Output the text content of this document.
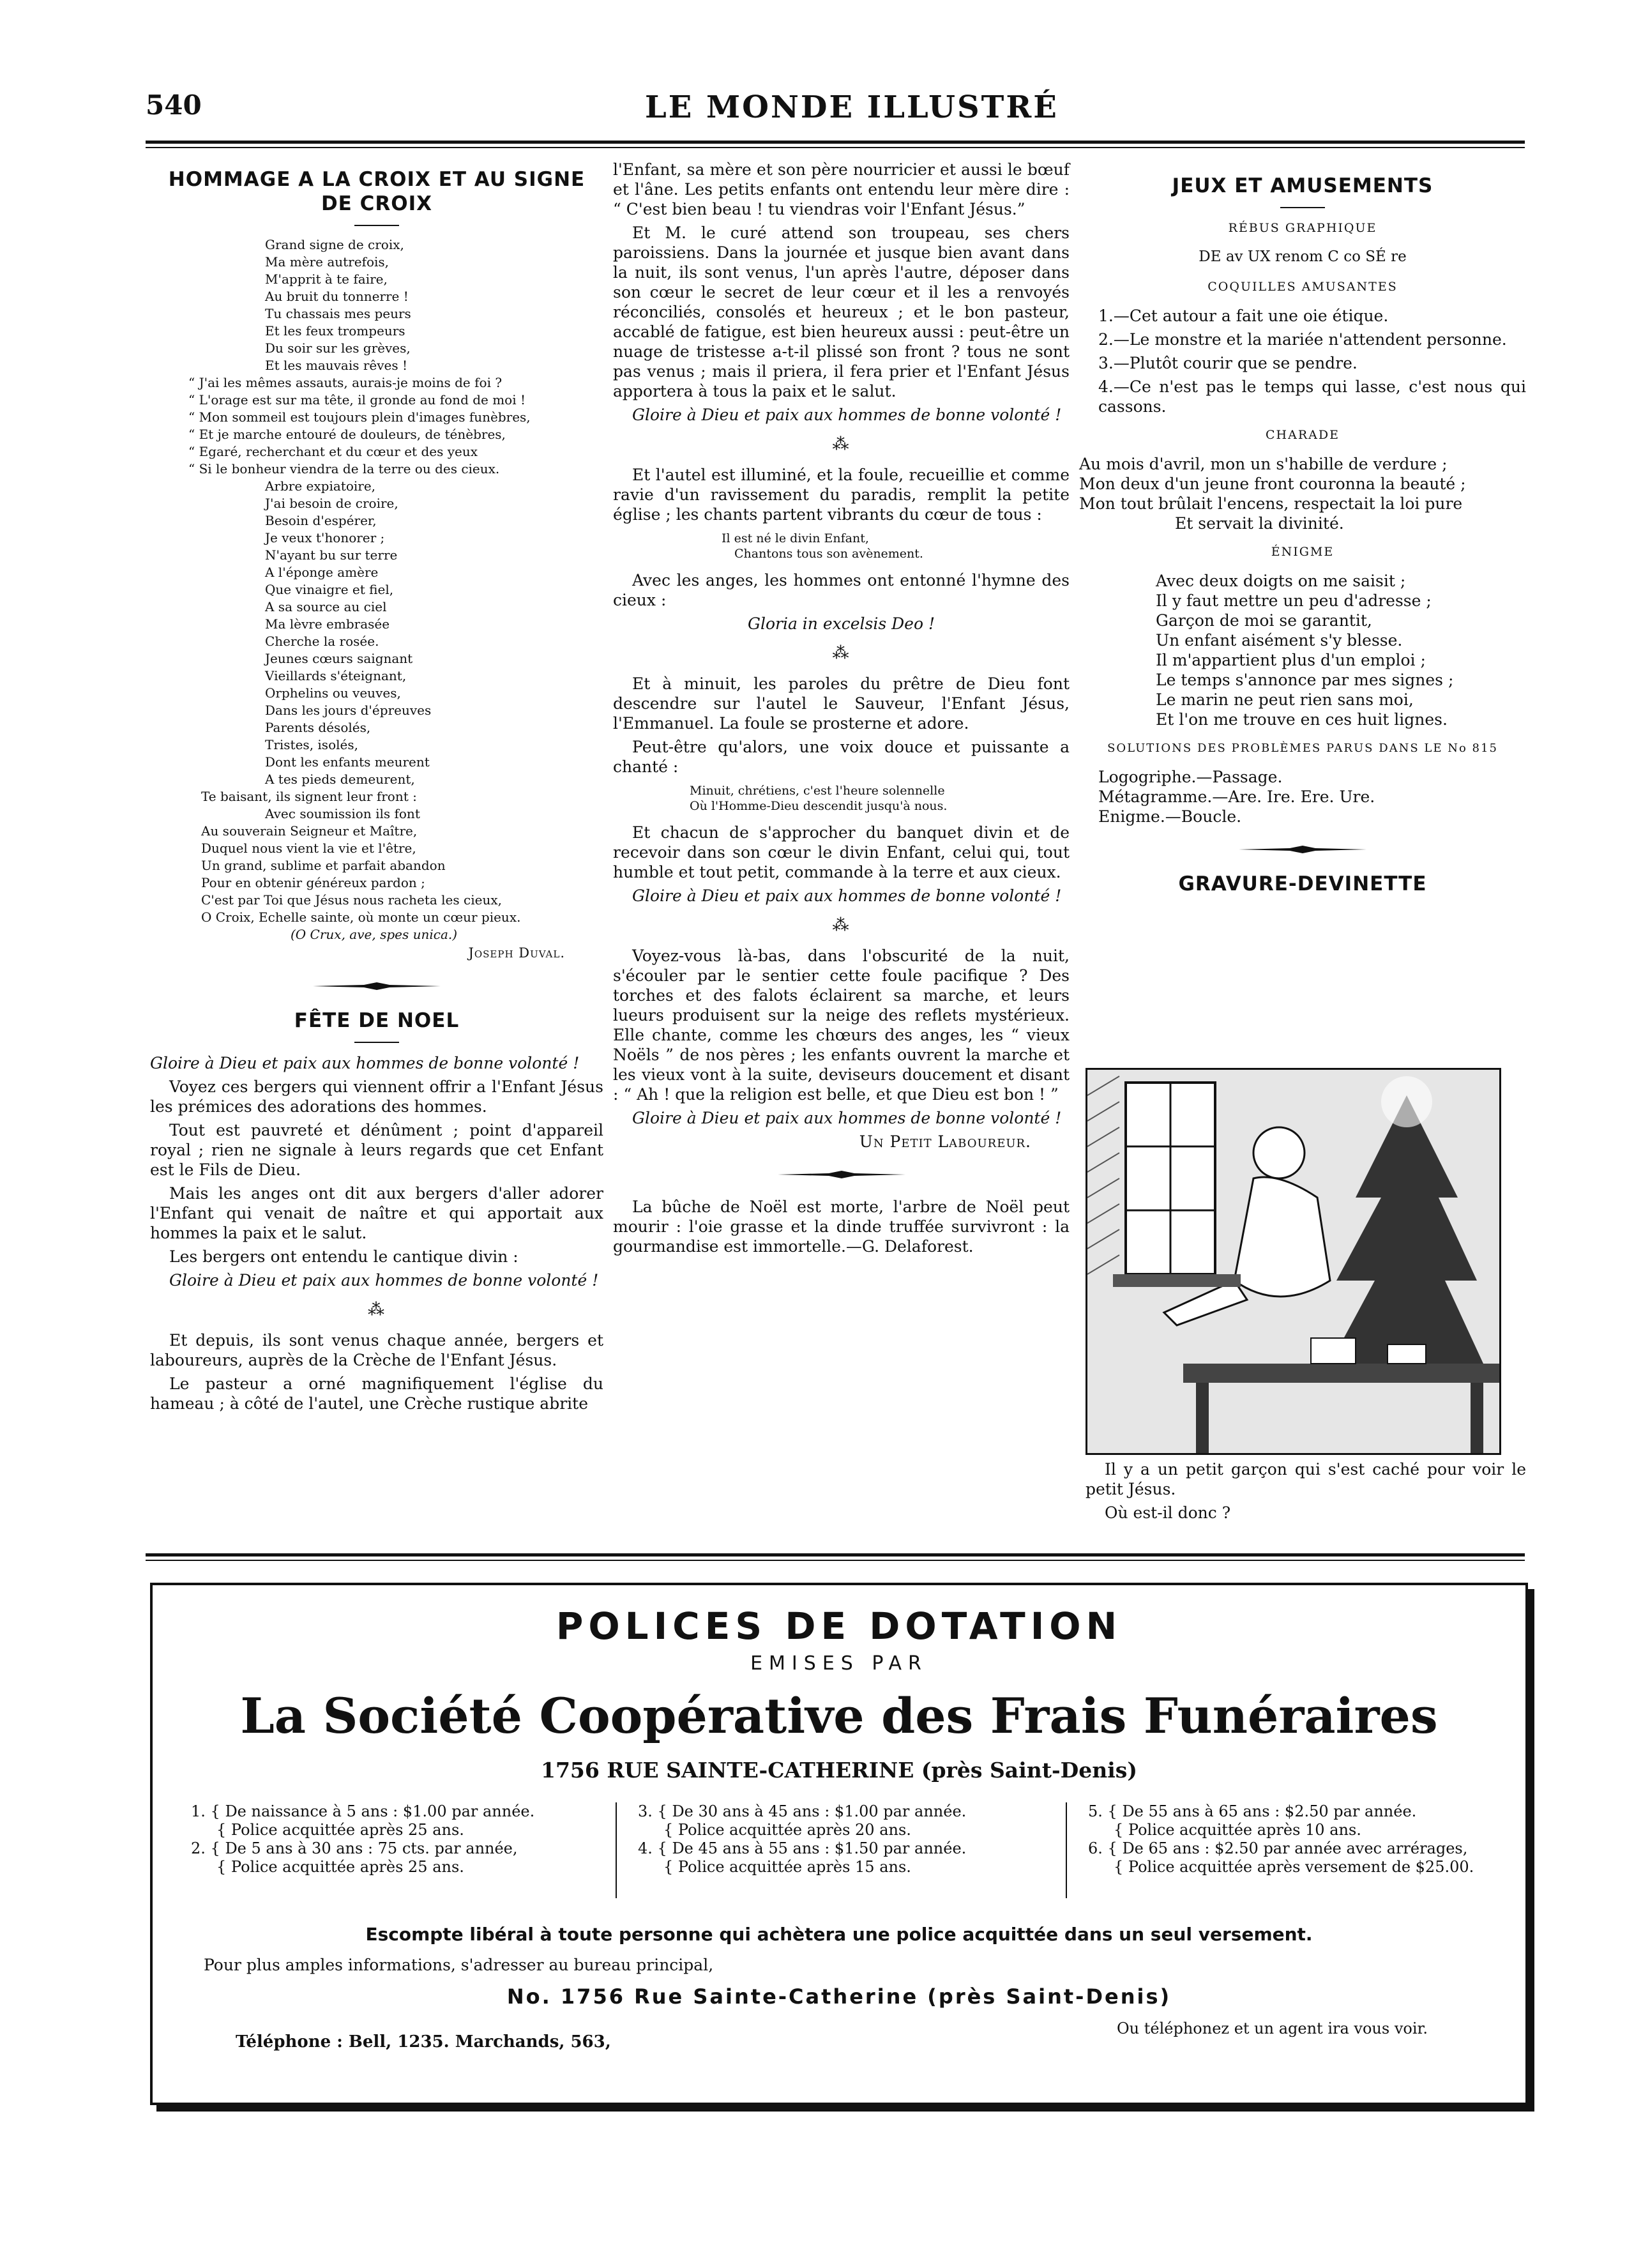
540	LE MONDE ILLUSTRÉ
HOMMAGE A LA CROIX ET AU SIGNE DE CROIX
Grand signe de croix,
Ma mère autrefois,
M'apprit à te faire,
Au bruit du tonnerre !
Tu chassais mes peurs
Et les feux trompeurs
Du soir sur les grèves,
Et les mauvais rêves !
“ J'ai les mêmes assauts, aurais-je moins de foi ?
“ L'orage est sur ma tête, il gronde au fond de moi !
“ Mon sommeil est toujours plein d'images funèbres,
“ Et je marche entouré de douleurs, de ténèbres,
“ Egaré, recherchant et du cœur et des yeux
“ Si le bonheur viendra de la terre ou des cieux.
Arbre expiatoire,
J'ai besoin de croire,
Besoin d'espérer,
Je veux t'honorer ;
N'ayant bu sur terre
A l'éponge amère
Que vinaigre et fiel,
A sa source au ciel
Ma lèvre embrasée
Cherche la rosée.
Jeunes cœurs saignant
Vieillards s'éteignant,
Orphelins ou veuves,
Dans les jours d'épreuves
Parents désolés,
Tristes, isolés,
Dont les enfants meurent
A tes pieds demeurent,
Te baisant, ils signent leur front :
Avec soumission ils font
Au souverain Seigneur et Maître,
Duquel nous vient la vie et l'être,
Un grand, sublime et parfait abandon
Pour en obtenir généreux pardon ;
C'est par Toi que Jésus nous racheta les cieux,
O Croix, Echelle sainte, où monte un cœur pieux.
(O Crux, ave, spes unica.)
Joseph Duval.
FÊTE DE NOEL

Gloire à Dieu et paix aux hommes de bonne volonté !

Voyez ces bergers qui viennent offrir a l'Enfant Jésus les prémices des adorations des hommes.

Tout est pauvreté et dénûment ; point d'appareil royal ; rien ne signale à leurs regards que cet Enfant est le Fils de Dieu.

Mais les anges ont dit aux bergers d'aller adorer l'Enfant qui venait de naître et qui apportait aux hommes la paix et le salut.

Les bergers ont entendu le cantique divin :

Gloire à Dieu et paix aux hommes de bonne volonté !

⁂

Et depuis, ils sont venus chaque année, bergers et laboureurs, auprès de la Crèche de l'Enfant Jésus.

Le pasteur a orné magnifiquement l'église du hameau ; à côté de l'autel, une Crèche rustique abrite

l'Enfant, sa mère et son père nourricier et aussi le bœuf et l'âne. Les petits enfants ont entendu leur mère dire : “ C'est bien beau ! tu viendras voir l'Enfant Jésus.”

Et M. le curé attend son troupeau, ses chers paroissiens. Dans la journée et jusque bien avant dans la nuit, ils sont venus, l'un après l'autre, déposer dans son cœur le secret de leur cœur et il les a renvoyés réconciliés, consolés et heureux ; et le bon pasteur, accablé de fatigue, est bien heureux aussi : peut-être un nuage de tristesse a-t-il plissé son front ? tous ne sont pas venus ; mais il priera, il fera prier et l'Enfant Jésus apportera à tous la paix et le salut.

Gloire à Dieu et paix aux hommes de bonne volonté !

⁂

Et l'autel est illuminé, et la foule, recueillie et comme ravie d'un ravissement du paradis, remplit la petite église ; les chants partent vibrants du cœur de tous :

Il est né le divin Enfant,
Chantons tous son avènement.

Avec les anges, les hommes ont entonné l'hymne des cieux :

Gloria in excelsis Deo !
⁂

Et à minuit, les paroles du prêtre de Dieu font descendre sur l'autel le Sauveur, l'Enfant Jésus, l'Emmanuel. La foule se prosterne et adore.

Peut-être qu'alors, une voix douce et puissante a chanté :

Minuit, chrétiens, c'est l'heure solennelle
Où l'Homme-Dieu descendit jusqu'à nous.

Et chacun de s'approcher du banquet divin et de recevoir dans son cœur le divin Enfant, celui qui, tout humble et tout petit, commande à la terre et aux cieux.

Gloire à Dieu et paix aux hommes de bonne volonté !

⁂

Voyez-vous là-bas, dans l'obscurité de la nuit, s'écouler par le sentier cette foule pacifique ? Des torches et des falots éclairent sa marche, et leurs lueurs produisent sur la neige des reflets mystérieux. Elle chante, comme les chœurs des anges, les “ vieux Noëls ” de nos pères ; les enfants ouvrent la marche et les vieux vont à la suite, deviseurs doucement et disant : “ Ah ! que la religion est belle, et que Dieu est bon ! ”

Gloire à Dieu et paix aux hommes de bonne volonté !

Un Petit Laboureur.

La bûche de Noël est morte, l'arbre de Noël peut mourir : l'oie grasse et la dinde truffée survivront : la gourmandise est immortelle.—G. Delaforest.

JEUX ET AMUSEMENTS
RÉBUS GRAPHIQUE
DE av UX renom C co SÉ re
COQUILLES AMUSANTES

1.—Cet autour a fait une oie étique.

2.—Le monstre et la mariée n'attendent personne.

3.—Plutôt courir que se pendre.

4.—Ce n'est pas le temps qui lasse, c'est nous qui cassons.

CHARADE
Au mois d'avril, mon un s'habille de verdure ;
Mon deux d'un jeune front couronna la beauté ;
Mon tout brûlait l'encens, respectait la loi pure
Et servait la divinité.
ÉNIGME
Avec deux doigts on me saisit ;
Il y faut mettre un peu d'adresse ;
Garçon de moi se garantit,
Un enfant aisément s'y blesse.
Il m'appartient plus d'un emploi ;
Le temps s'annonce par mes signes ;
Le marin ne peut rien sans moi,
Et l'on me trouve en ces huit lignes.
SOLUTIONS DES PROBLÈMES PARUS DANS LE No 815
Logogriphe.—Passage.
Métagramme.—Are. Ire. Ere. Ure.
Enigme.—Boucle.
GRAVURE-DEVINETTE

Il y a un petit garçon qui s'est caché pour voir le petit Jésus.

Où est-il donc ?

POLICES DE DOTATION
EMISES PAR
La Société Coopérative des Frais Funéraires
1756 RUE SAINTE-CATHERINE (près Saint-Denis)
1. { De naissance à 5 ans : $1.00 par année.
{ Police acquittée après 25 ans.
2. { De 5 ans à 30 ans : 75 cts. par année,
{ Police acquittée après 25 ans.
3. { De 30 ans à 45 ans : $1.00 par année.
{ Police acquittée après 20 ans.
4. { De 45 ans à 55 ans : $1.50 par année.
{ Police acquittée après 15 ans.
5. { De 55 ans à 65 ans : $2.50 par année.
{ Police acquittée après 10 ans.
6. { De 65 ans : $2.50 par année avec arrérages,
{ Police acquittée après versement de $25.00.
Escompte libéral à toute personne qui achètera une police acquittée dans un seul versement.
Pour plus amples informations, s'adresser au bureau principal,
No. 1756 Rue Sainte-Catherine (près Saint-Denis)
Téléphone : Bell, 1235. Marchands, 563,
Ou téléphonez et un agent ira vous voir.
